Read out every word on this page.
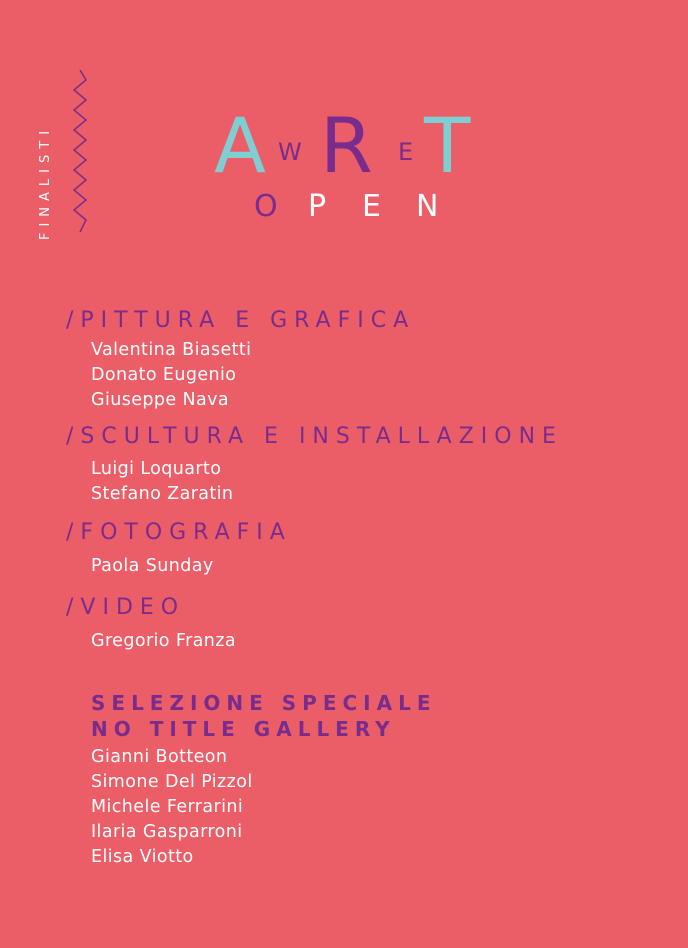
FINALISTI A W R E T
O P E N
/PITTURA E GRAFICA
Valentina Biasetti
Donato Eugenio
Giuseppe Nava
/SCULTURA E INSTALLAZIONE
Luigi Loquarto
Stefano Zaratin
/FOTOGRAFIA
Paola Sunday
/VIDEO
Gregorio Franza
SELEZIONE SPECIALE
NO TITLE GALLERY
Gianni Botteon
Simone Del Pizzol
Michele Ferrarini
Ilaria Gasparroni
Elisa Viotto
